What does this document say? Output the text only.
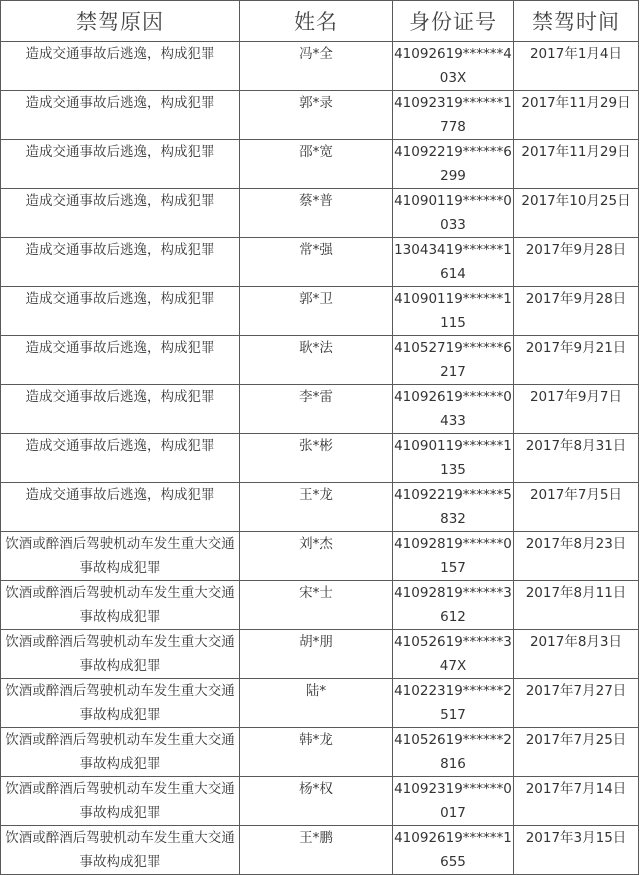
禁驾原因	姓名	身份证号	禁驾时间
造成交通事故后逃逸，构成犯罪	冯*全	41092619******403X	2017年1月4日
造成交通事故后逃逸，构成犯罪	郭*录	41092319******1778	2017年11月29日
造成交通事故后逃逸，构成犯罪	邵*宽	41092219******6299	2017年11月29日
造成交通事故后逃逸，构成犯罪	蔡*普	41090119******0033	2017年10月25日
造成交通事故后逃逸，构成犯罪	常*强	13043419******1614	2017年9月28日
造成交通事故后逃逸，构成犯罪	郭*卫	41090119******1115	2017年9月28日
造成交通事故后逃逸，构成犯罪	耿*法	41052719******6217	2017年9月21日
造成交通事故后逃逸，构成犯罪	李*雷	41092619******0433	2017年9月7日
造成交通事故后逃逸，构成犯罪	张*彬	41090119******1135	2017年8月31日
造成交通事故后逃逸，构成犯罪	王*龙	41092219******5832	2017年7月5日
饮酒或醉酒后驾驶机动车发生重大交通事故构成犯罪	刘*杰	41092819******0157	2017年8月23日
饮酒或醉酒后驾驶机动车发生重大交通事故构成犯罪	宋*士	41092819******3612	2017年8月11日
饮酒或醉酒后驾驶机动车发生重大交通事故构成犯罪	胡*朋	41052619******347X	2017年8月3日
饮酒或醉酒后驾驶机动车发生重大交通事故构成犯罪	陆*	41022319******2517	2017年7月27日
饮酒或醉酒后驾驶机动车发生重大交通事故构成犯罪	韩*龙	41052619******2816	2017年7月25日
饮酒或醉酒后驾驶机动车发生重大交通事故构成犯罪	杨*权	41092319******0017	2017年7月14日
饮酒或醉酒后驾驶机动车发生重大交通事故构成犯罪	王*鹏	41092619******1655	2017年3月15日
